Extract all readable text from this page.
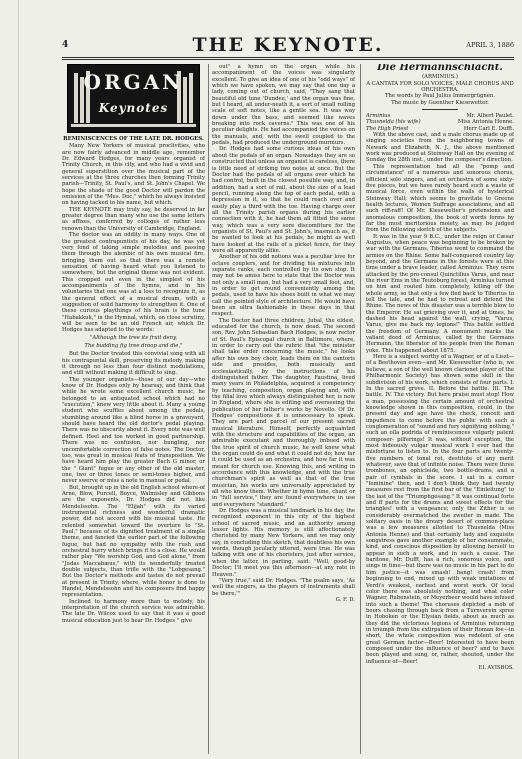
4	THE KEYNOTE.	APRIL 3, 1886
ORGAN
Keynotes
REMINISCENCES OF THE LATE DR. HODGES.

Many New Yorkers of musical proclivities, who are now fairly advanced in middle age, remember Dr. Edward Hodges, for many years organist of Trinity Church, in this city, and who had a vivid and general superstition over the musical part of the services at the three churches then forming Trinity parish—Trinity, St. Paul's, and St. John's Chapel. We hope the shade of the good Doctor will pardon the omission of the "Mus. Doc," which he always insisted on having tacked to his name, but which.

THE KEYNOTE may truly say, he deserved in far greater degree than many who use the same letters as affixes, conferred by colleges of rather less renown than the University of Cambridge, England.

The doctor was an oddity in many ways. One of the greatest contrapuntists of his day, he was yet very fond of taking simple melodies and passing them through the alembic of his own musical fire, bringing them out so that there was a remote sensation of having heard what you listened to somewhere, but the original theme was not evident. This cropped out even in the simplest of his accompaniments of the hymns, and in his voluntaries that one was at a loss to recognize it, as the general effect of a musical dream, with a suggestion of solid harmony to strengthen it. One of these curious playthings of his brain is the tune "Habakkuk," in the Hymnal, which, on close scrutiny, will be seen to be an old French air, which Dr. Hodges has adapted to the words:

"Although the tree its fruit deny,

The budding fig tree droop and die,"

But the Doctor treated this convivial song with all his contrapuntal skill, preserving its melody, making it through no less than four distinct modulations, and still without making it difficult to sing.

The younger organists—those of our day—who know of Dr. Hodges only by hearsay, and think that while he wrote some excellent church music, he belonged to an antiquated school which had no "execution," knew very little about it. Many a young student who scuffles about among the pedals, stumbling around like a blind horse in a graveyard, should have heard the old doctor's pedal playing. There was no obscurity about it. Every note was well defined. Heel and toe worked in good partnership. There was no confusion, nor bungling, nor uncomfortable correction of false notes. The Doctor, too, was great in musical feats of transposition. We have heard him play the greater Bach G minor, or the " Giant" fugue or any other of the old master, one, two or three tones or semi-tones higher, and never swerve or miss a note in manual or pedal.

But, brought up in the old English school where-of Arne, Blow, Purcell, Boyce, Walmisley and Gibbons are the exponents, Dr. Hodges did not like Mendelssohn. The "Elijah" with its varied instrumental richness and wonderful dramatic power, did not accord with his musical taste. He relented somewhat toward the overture to "St. Paul," because of its dignified treatment of a simple theme, and fancied the earlier part of the following fugue, but had no sympathy with the rush and orchestral hurry which brings it to a close. He would rather play "We worship God, and God alone," from "Judas Maccabæus," with its wonderfully treated double subjects, than trifle with the "Lobgesang." But the Doctor's methods and tastes do not prevail at present in Trinity, where, while honor is done to Handel, Mendelssohn and his composers find happy representation.

Inclined to harmony more than to melody, his interpretation of the church service was admirable. The late Dr. Wilcox used to say that it was a good musical education just to hear Dr. Hodges " give

out" a hymn on the organ, while his accompaniment of the voices was singularly excellent. To give an idea of one of his "odd ways" of which we have spoken, we may say that one day a lady, coming out of church, said, "They sang that beautiful old tune 'Dundee,' and the organ was fine, but I heard, all under-neath it, a sort of small rolling scale of soft notes, like a gentle sea. It was way down under the bass, and seemed like waves breaking into rock caverns." This was one of his peculiar delights. He had accompanied the voices on the manuals, and, with the swell coupled to the pedals, had produced the underground murmurs.

Dr. Hodges had some curious ideas of his own about the pedals of an organ. Nowadays they are so constructed that unless an organist is careless, there is little need of striking two notes at once. But the Doctor had the pedals of all organs over which he had control, built in the closest possible way, and, in addition, had a sort of rail, about the size of a lead pencil, running along the top of each pedal, with a depression in it, so that he could reach over and easily play a third with the toe. Having charge over all the Trinity parish organs during his earlier connection with it, he had them all fitted the same way, which was a very sore discomfiture for the organists of St. Paul's and St. John's, inasmuch as, if he wanted to look at his pedals, he might as well have looked at the rails of a picket fence, for they were all apparently alike.

Another of his odd notions was a peculiar love for octave couplers, and for dividing his mixtures into separate ranks, each controlled by its own stop. It may not be amiss here to state that the Doctor was not only a small man, but had a very small foot, and, in order to get round conveniently among the pedals, used to have his shoes built in what we may call the pointed style of architecture. He would have been an ultra fashionable in these days in that respect.

The Doctor had three children; Jubal, the eldest, educated for the church, is now dead. The second son, Rev. John Sebastian Bach Hodges, is now rector of St. Paul's Episcopal church in Baltimore, where, in order to carry out the rubric that "the minister shall take order concerning the music," he looks after his own boy choir, leads them on the cantoris side and presides, both musically and ecclesiastically, by the instructions of his distinguished father. The daughter, Faustina, lived many years in Philadelphia, acquired a competency by teaching, composition, organ playing and, with the filial love which always distinguished her, is now in England, where she is editing and overseeing the publication of her father's works by Novello. Of Dr. Hodges' compositions it is unnecessary to speak. They are part and parcel of our present sacred musical literature. Himself, perfectly acquainted with the structure and capabilities of the organ, an admirable executant and thoroughly imbued with the true spirit of church music, he well knew what the organ could do and what it could not do; how far it could be used as an orchestra, and how far it was meant for church use. Knowing this, and writing in accordance with this knowledge, and with the true churchman's spirit as well as that of the true musician, his works are universally appreciated by all who know them. Whether in hymn tune, chant or in "full service," they are found everywhere in use and everywhere "standard."

Dr. Hodges was a musical landmark in his day, the recognized exponent in this city of the highest school of sacred music, and an authority among lesser lights. His memory is still affectionately cherished by many New Yorkers, and we may only say, in concluding this sketch, that doubtless his own words, though jocularly uttered, were true. He was talking with one of his choristers, just after service, when the latter, in parting, said: "Well, good-by Doctor; I'll meet you this afternoon—at any rate in Heaven."

"Very true," said Dr. Hodges. "The psalm says, 'As well the singers, as the players of instruments shall be there.'"

G. F. D.
Die Hermannschlacht.
(ARMINIUS.)
A CANTATA FOR SOLO VOICES, MALE CHORUS AND ORCHESTRA.
The words by Paul Julius Immergrügnen.
The music by Guenther Kiesewetter.
Arminius	Mr. Albert Paulet.
Thusnelda (his wife)	Miss Antonia Henne.
The High Priest	Herr Carl E. Dufft.

With the above cast, and a male chorus made up of singing societies from the neighboring towns of Newark and Elizabeth, N. J., the above mentioned work was produced at Steinway Hall on the evening of Sunday the 28th inst., under the composer's direction.

This representation had all the "pomp and circumstance" of a numerous and sonorous chorus, efficient solo singers, and an orchestra of some sixty-five pieces, but we have rarely heard such a waste of musical force, even within the walls of hysterical Steinway Hall; which seems to gravitate to Greene health lectures, Women Suffrage associations, and all such riff-raff! Of Mr. Kiesewetter's pretensions and anomalous composition, the book of words forms by far the most meritorious moiety, as may be judged from the following sketch of the subjects.

It was in the year 9 B.C., under the reign of Cæsar Augustus, when peace was beginning to be broken by war with the Germans, Tiberius went to command the armies on the Rhine. Some half-conquered country lay beyond, and the Germans in the forests were at this time under a brave leader, called Arminius. They were attacked by the pro-consul Quinctilius Varus, and near the river Ems in the Teutoburg forest, Arminius turned on him and routed him completely, killing off the whole army, so that only a few fled back to Tiberius to tell the tale, and he had to retreat and defend the Rhine. The news of this disaster was a terrible blow to the Emperor. He sat grieving over it, and at times, he dashed his head against the wall, crying, "Varus, Varus, give me back my legions!" This battle settled the freedom of Germany. A monument marks the valiant deed of Arminius, called by the Germans Hermann, the liberator of his people from the Roman yoke. This happened about 1875.

Here is a subject worthy of a Wagner, or of a Liszt—of a Beethoven even—and Mr. Kiesewetter (who is, we believe, a son of the well known clarionet player of the Philharmonic Society) has shown some skill in the subdivision of his work, which consists of four parts. I. In the sacred grove. II. Before the battle. III. The battle. IV. The victory. But here praise must stop! How a man, possessing the certain amount of orchestral knowledge shown in this composition, could, in the present day and age have the check, conceit and impudence to come before the public with such a conglomeration of "sound and fury signifying nothing," such an olla podrida of reminiscences vulgarly patent composer- pilferings! It was, without exception, the most hideously vulgar musical work I ever had the misfortune to listen to. In the four parts are twenty-five numbers of tonal rot, destitute of any merit whatever, save that of infinite noise. There were three trombones, an ophicleide, two bottle-drums, and a pair of cymbals in the score. I sat in a corner "feminine" then, and I don't think they had twenty measures rest from the first bar of the "Einleitung" to the last of the "Triumphgesang." It was continual forte and ff parts for the drums and sweet effects for the triangles! with a vengeance; only the Zither is so considerably overmatched the zweiter in made. The solitary oasis in the dreary desert of common-place was a few measures allotted to Thusnelda (Miss Antonia Henne) and that certainly lady and exquisite songstress gave another example of her consummate, kind, and conscious disposition by allowing herself to appear in such a work, and in such a cause. The baritone, Mr. Dufft, has a rich, sonorous voice, and sings in time—but there was no music in his part to do him justice—it was smash! bang! crash! from beginning to end, mixed up with weak imitations of Verdi's weakest, earliest and worst work. Of local color there was absolutely nothing, and what color Wagner, Rubenstein, or Meyerbeer would have infused into such a theme! The choruses depicted a mob of boors chasing through back from a Turnverein spree in Hoboken or the Elysian fields, about as much as they did the victorious legions of Arminius returning in triumph from the extirpation of their Roman foe—in short, the whole composition was redolent of one great German factor—Beer! Interested to have been composed under the influence of beer? and to have been played and sung, or, rather, shouted, under the influence of—Beer!

EL AVISBOS.
